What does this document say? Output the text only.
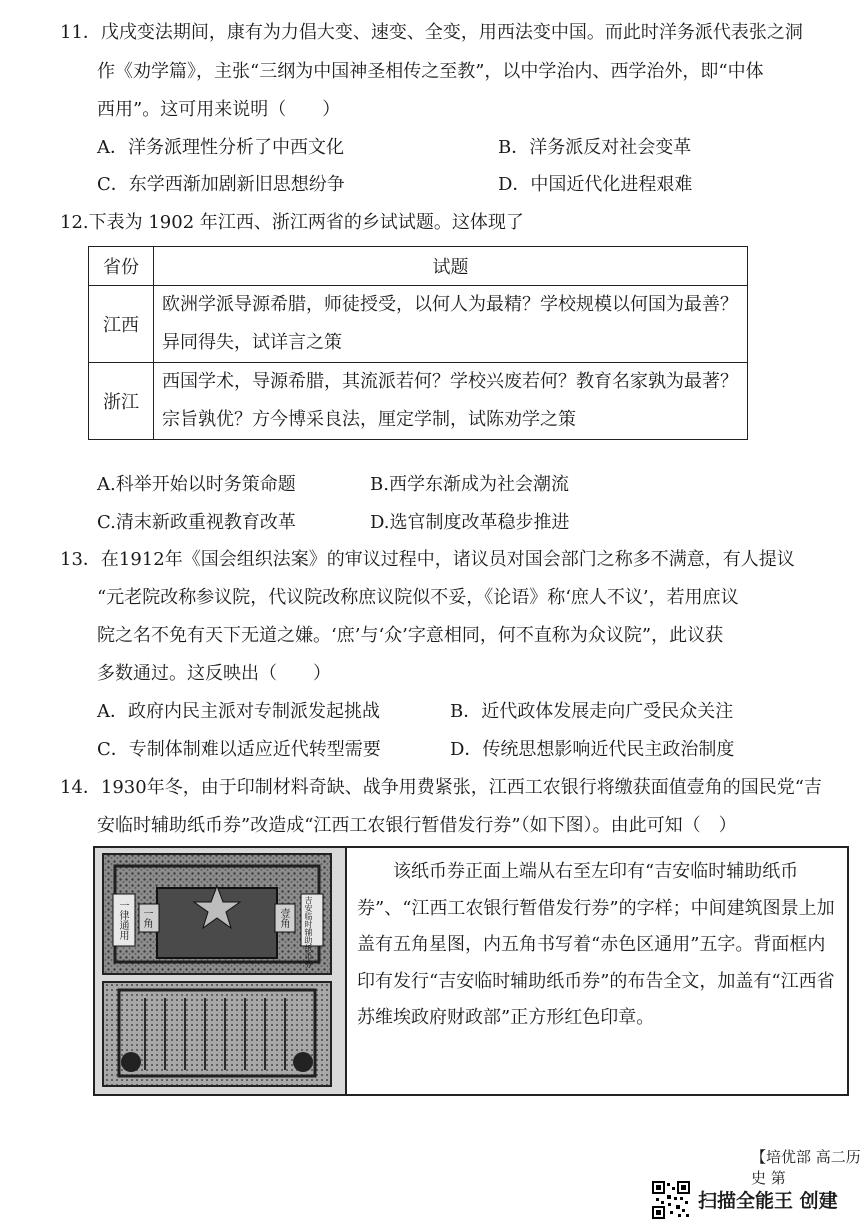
11．戊戌变法期间，康有为力倡大变、速变、全变，用西法变中国。而此时洋务派代表张之洞
作《劝学篇》，主张“三纲为中国神圣相传之至教”，以中学治内、西学治外，即“中体
西用”。这可用来说明（　　）
A．洋务派理性分析了中西文化	B．洋务派反对社会变革
C．东学西渐加剧新旧思想纷争	D．中国近代化进程艰难
12.下表为 1902 年江西、浙江两省的乡试试题。这体现了
省份	试题
江西	欧洲学派导源希腊，师徒授受，以何人为最精？学校规模以何国为最善？异同得失，试详言之策
浙江	西国学术，导源希腊，其流派若何？学校兴废若何？教育名家孰为最著？宗旨孰优？方今博采良法，厘定学制，试陈劝学之策
A.科举开始以时务策命题	B.西学东渐成为社会潮流
C.清末新政重视教育改革	D.选官制度改革稳步推进
13．在1912年《国会组织法案》的审议过程中，诸议员对国会部门之称多不满意，有人提议
“元老院改称参议院，代议院改称庶议院似不妥，《论语》称‘庶人不议’，若用庶议
院之名不免有天下无道之嫌。‘庶’与‘众’字意相同，何不直称为众议院”，此议获
多数通过。这反映出（　　）
A．政府内民主派对专制派发起挑战	B．近代政体发展走向广受民众关注
C．专制体制难以适应近代转型需要	D．传统思想影响近代民主政治制度
14．1930年冬，由于印制材料奇缺、战争用费紧张，江西工农银行将缴获面值壹角的国民党“吉
安临时辅助纸币券”改造成“江西工农银行暂借发行券”（如下图）。由此可知（　）
一律通用	吉安临时辅助纸币券
一角	壹角
该纸币券正面上端从右至左印有“吉安临时辅助纸币券”、“江西工农银行暂借发行券”的字样；中间建筑图景上加盖有五角星图，内五角书写着“赤色区通用”五字。背面框内印有发行“吉安临时辅助纸币券”的布告全文，加盖有“江西省苏维埃政府财政部”正方形红色印章。
【培优部 高二历史 第
扫描全能王 创建
